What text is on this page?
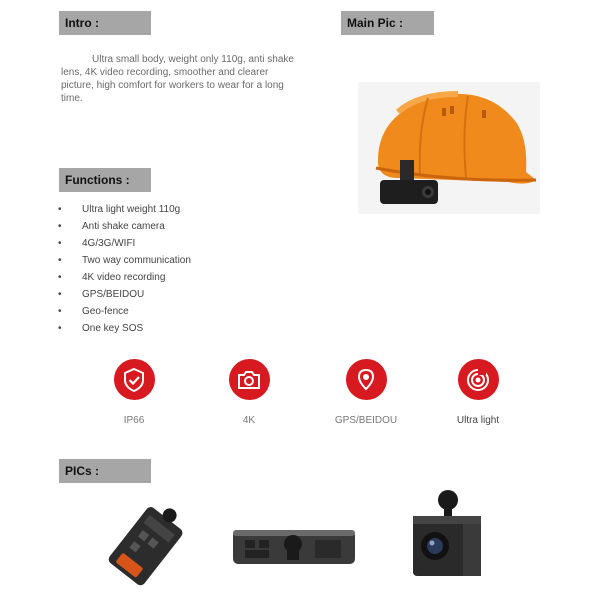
Intro :	Main Pic :
Functions :
PICs :
Ultra small body, weight only 110g, anti shake lens, 4K video recording, smoother and clearer picture, high comfort for workers to wear for a long time.
• Ultra light weight 110g
• Anti shake camera
• 4G/3G/WIFI
• Two way communication
• 4K video recording
• GPS/BEIDOU
• Geo-fence
• One key SOS
IP66	4K	GPS/BEIDOU	Ultra light
